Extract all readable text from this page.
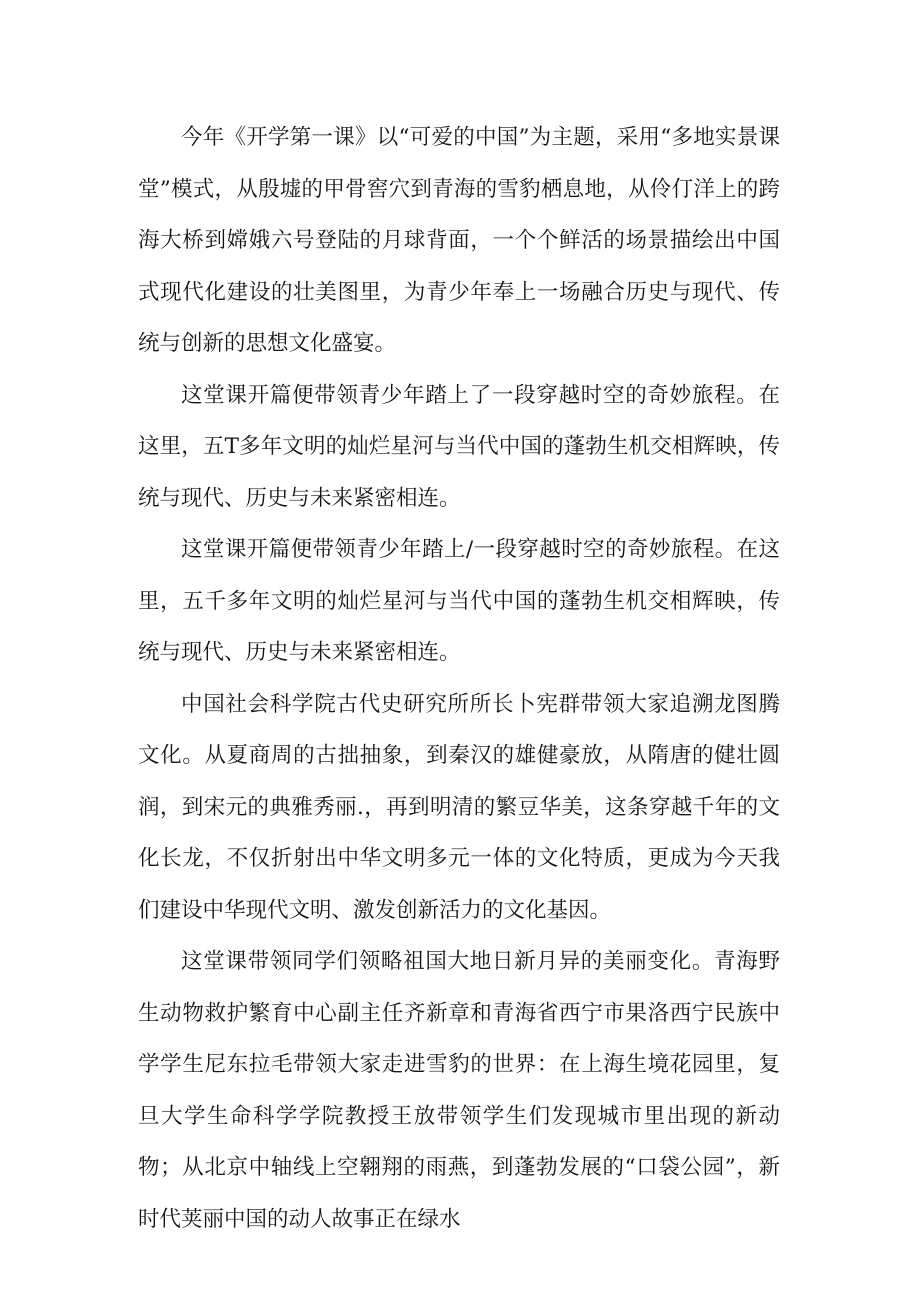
今年《开学第一课》以“可爱的中国”为主题，采用“多地实景课堂”模式，从殷墟的甲骨窖穴到青海的雪豹栖息地，从伶仃洋上的跨海大桥到嫦娥六号登陆的月球背面，一个个鲜活的场景描绘出中国式现代化建设的壮美图里，为青少年奉上一场融合历史与现代、传统与创新的思想文化盛宴。

这堂课开篇便带领青少年踏上了一段穿越时空的奇妙旅程。在这里，五T多年文明的灿烂星河与当代中国的蓬勃生机交相辉映，传统与现代、历史与未来紧密相连。

这堂课开篇便带领青少年踏上/一段穿越时空的奇妙旅程。在这里，五千多年文明的灿烂星河与当代中国的蓬勃生机交相辉映，传统与现代、历史与未来紧密相连。

中国社会科学院古代史研究所所长卜宪群带领大家追溯龙图腾文化。从夏商周的古拙抽象，到秦汉的雄健豪放，从隋唐的健壮圆润，到宋元的典雅秀丽.，再到明清的繁豆华美，这条穿越千年的文化长龙，不仅折射出中华文明多元一体的文化特质，更成为今天我们建设中华现代文明、激发创新活力的文化基因。

这堂课带领同学们领略祖国大地日新月异的美丽变化。青海野生动物救护繁育中心副主任齐新章和青海省西宁市果洛西宁民族中学学生尼东拉毛带领大家走进雪豹的世界：在上海生境花园里，复旦大学生命科学学院教授王放带领学生们发现城市里出现的新动物；从北京中轴线上空翱翔的雨燕，到蓬勃发展的“口袋公园”，新时代荚丽中国的动人故事正在绿水
